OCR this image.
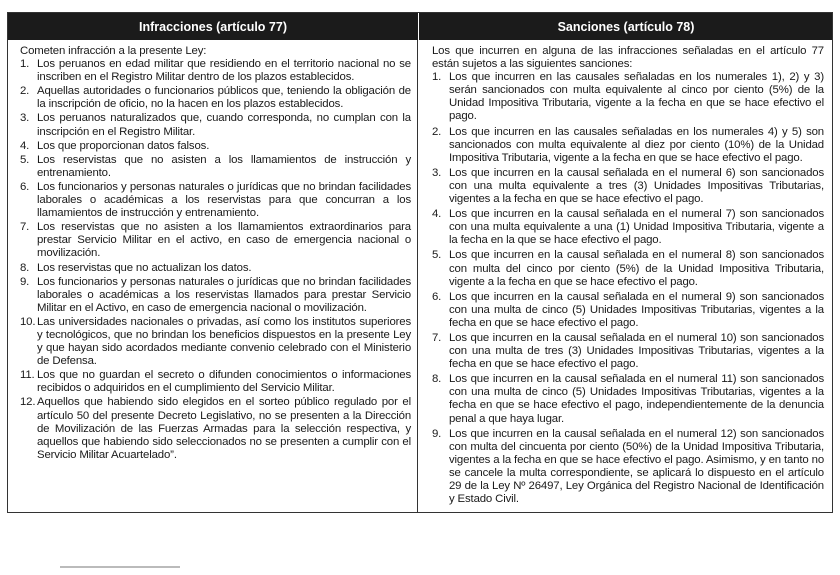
Infracciones (artículo 77)	Sanciones (artículo 78)

Cometen infracción a la presente Ley:

1. Los peruanos en edad militar que residiendo en el territorio nacional no se inscriben en el Registro Militar dentro de los plazos establecidos.
2. Aquellas autoridades o funcionarios públicos que, teniendo la obligación de la inscripción de oficio, no la hacen en los plazos establecidos.
3. Los peruanos naturalizados que, cuando corresponda, no cumplan con la inscripción en el Registro Militar.
4. Los que proporcionan datos falsos.
5. Los reservistas que no asisten a los llamamientos de instrucción y entrenamiento.
6. Los funcionarios y personas naturales o jurídicas que no brindan facilidades laborales o académicas a los reservistas para que concurran a los llamamientos de instrucción y entrenamiento.
7. Los reservistas que no asisten a los llamamientos extraordinarios para prestar Servicio Militar en el activo, en caso de emergencia nacional o movilización.
8. Los reservistas que no actualizan los datos.
9. Los funcionarios y personas naturales o jurídicas que no brindan facilidades laborales o académicas a los reservistas llamados para prestar Servicio Militar en el Activo, en caso de emergencia nacional o movilización.
10. Las universidades nacionales o privadas, así como los institutos superiores y tecnológicos, que no brindan los beneficios dispuestos en la presente Ley y que hayan sido acordados mediante convenio celebrado con el Ministerio de Defensa.
11. Los que no guardan el secreto o difunden conocimientos o informaciones recibidos o adquiridos en el cumplimiento del Servicio Militar.
12. Aquellos que habiendo sido elegidos en el sorteo público regulado por el artículo 50 del presente Decreto Legislativo, no se presenten a la Dirección de Movilización de las Fuerzas Armadas para la selección respectiva, y aquellos que habiendo sido seleccionados no se presenten a cumplir con el Servicio Militar Acuartelado”.

Los que incurren en alguna de las infracciones señaladas en el artículo 77 están sujetos a las siguientes sanciones:

1. Los que incurren en las causales señaladas en los numerales 1), 2) y 3) serán sancionados con multa equivalente al cinco por ciento (5%) de la Unidad Impositiva Tributaria, vigente a la fecha en que se hace efectivo el pago.
2. Los que incurren en las causales señaladas en los numerales 4) y 5) son sancionados con multa equivalente al diez por ciento (10%) de la Unidad Impositiva Tributaria, vigente a la fecha en que se hace efectivo el pago.
3. Los que incurren en la causal señalada en el numeral 6) son sancionados con una multa equivalente a tres (3) Unidades Impositivas Tributarias, vigentes a la fecha en que se hace efectivo el pago.
4. Los que incurren en la causal señalada en el numeral 7) son sancionados con una multa equivalente a una (1) Unidad Impositiva Tributaria, vigente a la fecha en la que se hace efectivo el pago.
5. Los que incurren en la causal señalada en el numeral 8) son sancionados con multa del cinco por ciento (5%) de la Unidad Impositiva Tributaria, vigente a la fecha en que se hace efectivo el pago.
6. Los que incurren en la causal señalada en el numeral 9) son sancionados con una multa de cinco (5) Unidades Impositivas Tributarias, vigentes a la fecha en que se hace efectivo el pago.
7. Los que incurren en la causal señalada en el numeral 10) son sancionados con una multa de tres (3) Unidades Impositivas Tributarias, vigentes a la fecha en que se hace efectivo el pago.
8. Los que incurren en la causal señalada en el numeral 11) son sancionados con una multa de cinco (5) Unidades Impositivas Tributarias, vigentes a la fecha en que se hace efectivo el pago, independientemente de la denuncia penal a que haya lugar.
9. Los que incurren en la causal señalada en el numeral 12) son sancionados con multa del cincuenta por ciento (50%) de la Unidad Impositiva Tributaria, vigentes a la fecha en que se hace efectivo el pago. Asimismo, y en tanto no se cancele la multa correspondiente, se aplicará lo dispuesto en el artículo 29 de la Ley Nº 26497, Ley Orgánica del Registro Nacional de Identificación y Estado Civil.
